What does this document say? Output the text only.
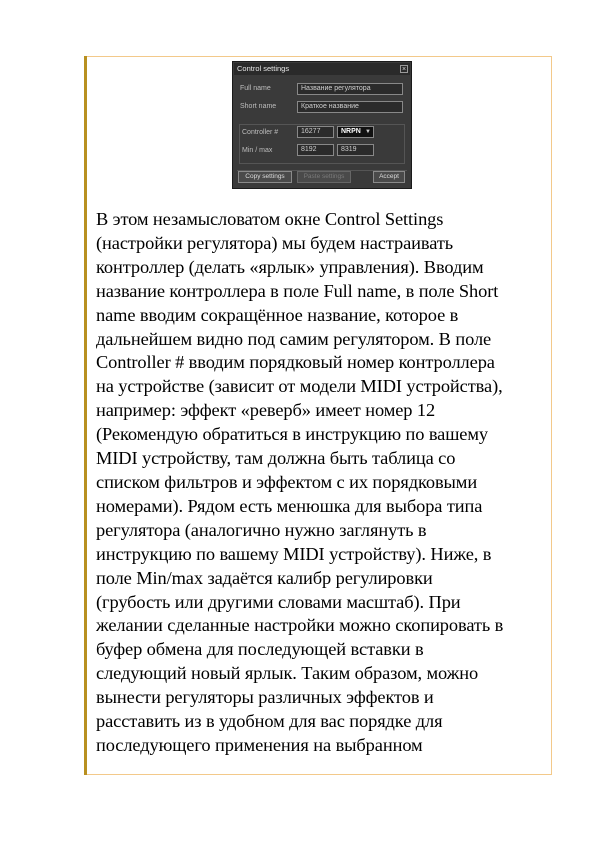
Control settings	×
Full name	Название регулятора
Short name	Краткое название
Controller #	16277	NRPN ▼
Min / max	8192	8319
Copy settings	Paste settings	Accept
В этом незамысловатом окне Control Settings
(настройки регулятора) мы будем настраивать
контроллер (делать «ярлык» управления). Вводим
название контроллера в поле Full name, в поле Short
name вводим сокращённое название, которое в
дальнейшем видно под самим регулятором. В поле
Controller # вводим порядковый номер контроллера
на устройстве (зависит от модели MIDI устройства),
например: эффект «реверб» имеет номер 12
(Рекомендую обратиться в инструкцию по вашему
MIDI устройству, там должна быть таблица со
списком фильтров и эффектом с их порядковыми
номерами). Рядом есть менюшка для выбора типа
регулятора (аналогично нужно заглянуть в
инструкцию по вашему MIDI устройству). Ниже, в
поле Min/max задаётся калибр регулировки
(грубость или другими словами масштаб). При
желании сделанные настройки можно скопировать в
буфер обмена для последующей вставки в
следующий новый ярлык. Таким образом, можно
вынести регуляторы различных эффектов и
расставить из в удобном для вас порядке для
последующего применения на выбранном
